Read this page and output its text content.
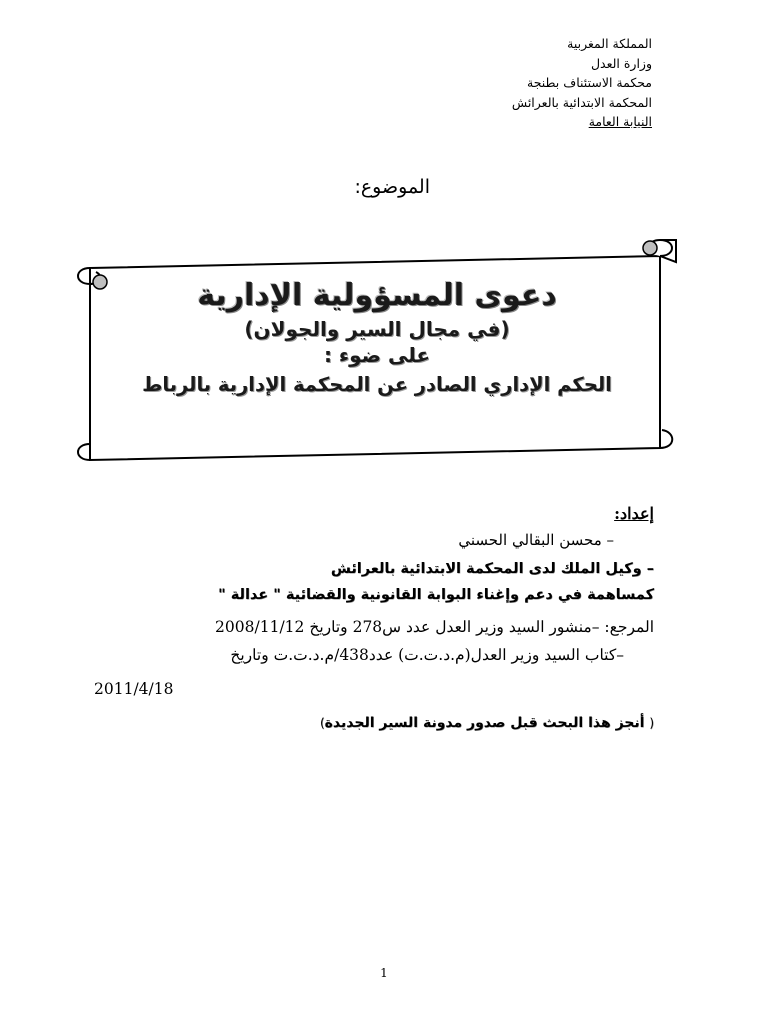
المملكة المغربية
وزارة العدل
محكمة الاستئناف بطنجة
المحكمة الابتدائية بالعرائش
النيابة العامة
الموضوع:
دعوى المسؤولية الإدارية
(في مجال السير والجولان)
على ضوء :
الحكم الإداري الصادر عن المحكمة الإدارية بالرباط
إعداد:
– محسن البقالي الحسني
– وكيل الملك لدى المحكمة الابتدائية بالعرائش
كمساهمة في دعم وإغناء البوابة القانونية والقضائية " عدالة "
المرجع: –منشور السيد وزير العدل عدد س278 وتاريخ 2008/11/12
–كتاب السيد وزير العدل(م.د.ت.ت) عدد438/م.د.ت.ت وتاريخ
2011/4/18
( أنجز هذا البحث قبل صدور مدونة السير الجديدة)
1
